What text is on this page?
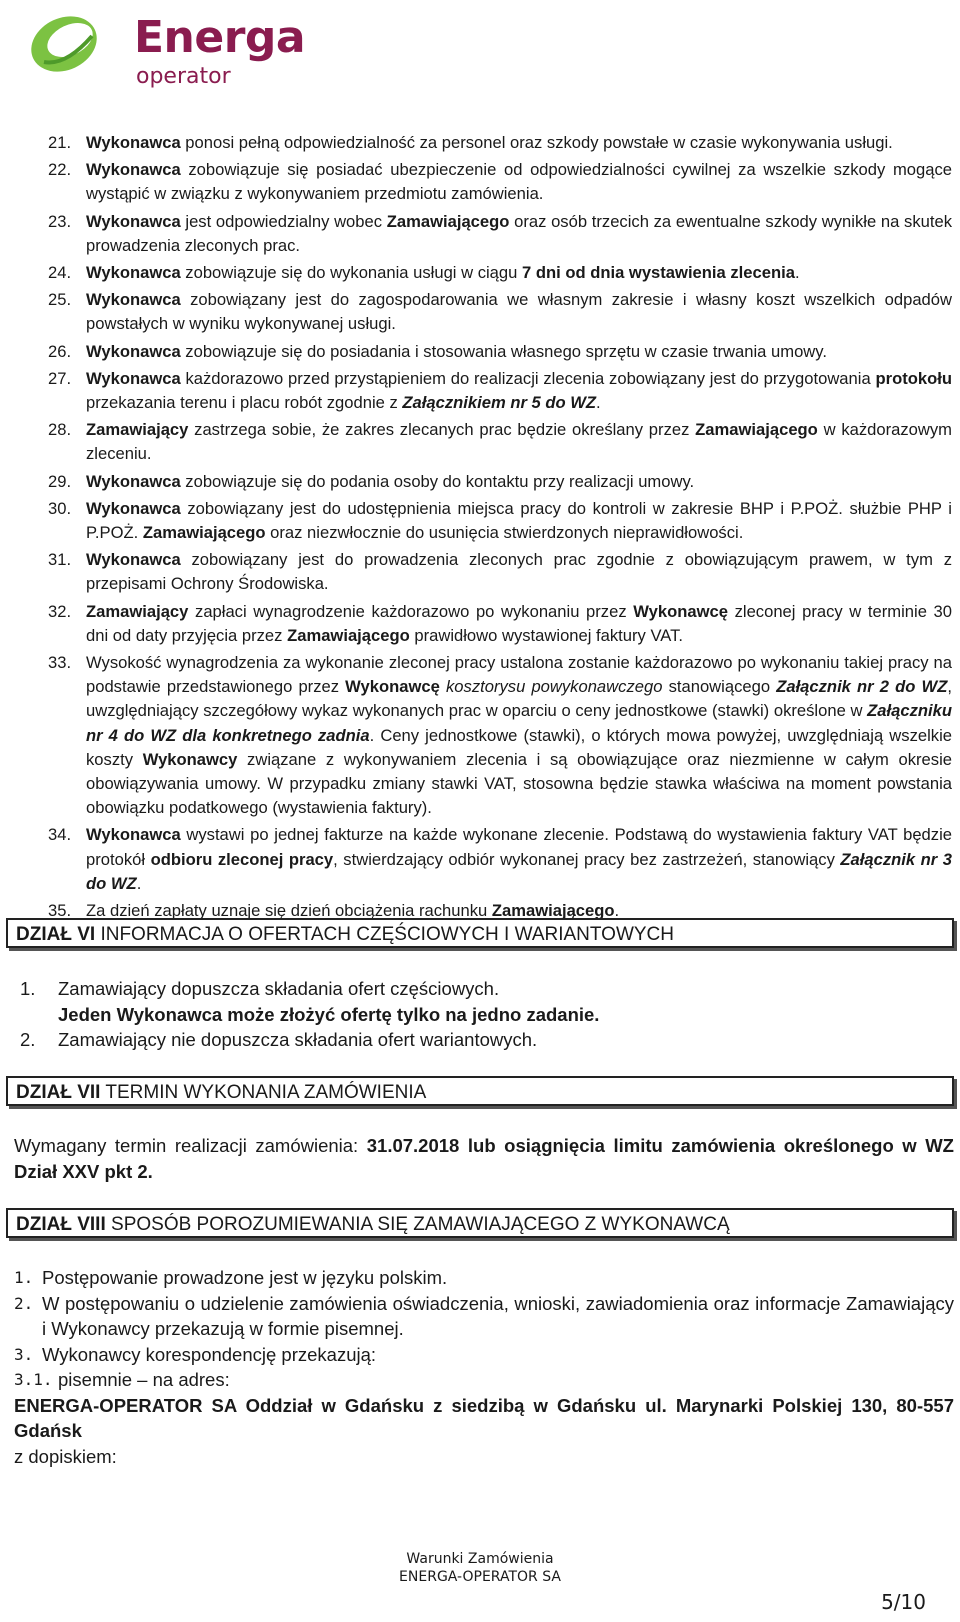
Energa
operator
21. Wykonawca ponosi pełną odpowiedzialność za personel oraz szkody powstałe w czasie wykonywania usługi.
22. Wykonawca zobowiązuje się posiadać ubezpieczenie od odpowiedzialności cywilnej za wszelkie szkody mogące wystąpić w związku z wykonywaniem przedmiotu zamówienia.
23. Wykonawca jest odpowiedzialny wobec Zamawiającego oraz osób trzecich za ewentualne szkody wynikłe na skutek prowadzenia zleconych prac.
24. Wykonawca zobowiązuje się do wykonania usługi w ciągu 7 dni od dnia wystawienia zlecenia.
25. Wykonawca zobowiązany jest do zagospodarowania we własnym zakresie i własny koszt wszelkich odpadów powstałych w wyniku wykonywanej usługi.
26. Wykonawca zobowiązuje się do posiadania i stosowania własnego sprzętu w czasie trwania umowy.
27. Wykonawca każdorazowo przed przystąpieniem do realizacji zlecenia zobowiązany jest do przygotowania protokołu przekazania terenu i placu robót zgodnie z Załącznikiem nr 5 do WZ.
28. Zamawiający zastrzega sobie, że zakres zlecanych prac będzie określany przez Zamawiającego w każdorazowym zleceniu.
29. Wykonawca zobowiązuje się do podania osoby do kontaktu przy realizacji umowy.
30. Wykonawca zobowiązany jest do udostępnienia miejsca pracy do kontroli w zakresie BHP i P.POŻ. służbie PHP i P.POŻ. Zamawiającego oraz niezwłocznie do usunięcia stwierdzonych nieprawidłowości.
31. Wykonawca zobowiązany jest do prowadzenia zleconych prac zgodnie z obowiązującym prawem, w tym z przepisami Ochrony Środowiska.
32. Zamawiający zapłaci wynagrodzenie każdorazowo po wykonaniu przez Wykonawcę zleconej pracy w terminie 30 dni od daty przyjęcia przez Zamawiającego prawidłowo wystawionej faktury VAT.
33. Wysokość wynagrodzenia za wykonanie zleconej pracy ustalona zostanie każdorazowo po wykonaniu takiej pracy na podstawie przedstawionego przez Wykonawcę kosztorysu powykonawczego stanowiącego Załącznik nr 2 do WZ, uwzględniający szczegółowy wykaz wykonanych prac w oparciu o ceny jednostkowe (stawki) określone w Załączniku nr 4 do WZ dla konkretnego zadnia. Ceny jednostkowe (stawki), o których mowa powyżej, uwzględniają wszelkie koszty Wykonawcy związane z wykonywaniem zlecenia i są obowiązujące oraz niezmienne w całym okresie obowiązywania umowy. W przypadku zmiany stawki VAT, stosowna będzie stawka właściwa na moment powstania obowiązku podatkowego (wystawienia faktury).
34. Wykonawca wystawi po jednej fakturze na każde wykonane zlecenie. Podstawą do wystawienia faktury VAT będzie protokół odbioru zleconej pracy, stwierdzający odbiór wykonanej pracy bez zastrzeżeń, stanowiący Załącznik nr 3 do WZ.
35. Za dzień zapłaty uznaje się dzień obciążenia rachunku Zamawiającego.
DZIAŁ VI INFORMACJA O OFERTACH CZĘŚCIOWYCH I WARIANTOWYCH
1.	Zamawiający dopuszcza składania ofert częściowych.
Jeden Wykonawca może złożyć ofertę tylko na jedno zadanie.
2.	Zamawiający nie dopuszcza składania ofert wariantowych.
DZIAŁ VII TERMIN WYKONANIA ZAMÓWIENIA
Wymagany termin realizacji zamówienia: 31.07.2018 lub osiągnięcia limitu zamówienia określonego w WZ Dział XXV pkt 2.
DZIAŁ VIII SPOSÓB POROZUMIEWANIA SIĘ ZAMAWIAJĄCEGO Z WYKONAWCĄ
1. Postępowanie prowadzone jest w języku polskim.
2. W postępowaniu o udzielenie zamówienia oświadczenia, wnioski, zawiadomienia oraz informacje Zamawiający i Wykonawcy przekazują w formie pisemnej.
3. Wykonawcy korespondencję przekazują:
3.1. pisemnie – na adres:
ENERGA-OPERATOR SA Oddział w Gdańsku z siedzibą w Gdańsku ul. Marynarki Polskiej 130, 80-557 Gdańsk
z dopiskiem:
Warunki Zamówienia
ENERGA-OPERATOR SA
5/10
